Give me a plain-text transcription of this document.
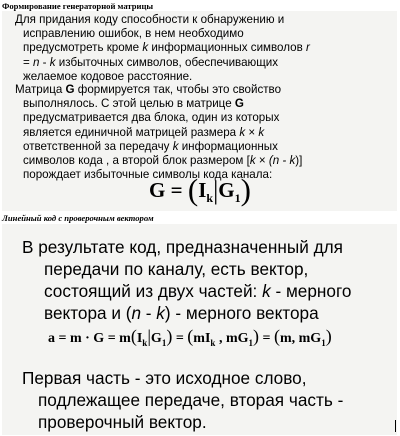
Формирование генераторной матрицы
Для придания коду способности к обнаружению и
исправлению ошибок, в нем необходимо
предусмотреть кроме k информационных символов r
= n - k избыточных символов, обеспечивающих
желаемое кодовое расстояние.
Матрица G формируется так, чтобы это свойство
выполнялось. С этой целью в матрице G
предусматривается два блока, один из которых
является единичной матрицей размера k × k
ответственной за передачу k информационных
символов кода , а второй блок размером [k × (n - k)]
порождает избыточные символы кода канала:
$G = (I_k|G_1)$
Линейный код с проверочным вектором
В результате код, предназначенный для
передачи по каналу, есть вектор,
состоящий из двух частей: k - мерного
вектора и (n - k) - мерного вектора
$a = m \cdot G = m(I_k|G_1) = (mI_k$ , $mG_1) = (m$, $mG_1$)
Первая часть - это исходное слово,
подлежащее передаче, вторая часть -
проверочный вектор.
